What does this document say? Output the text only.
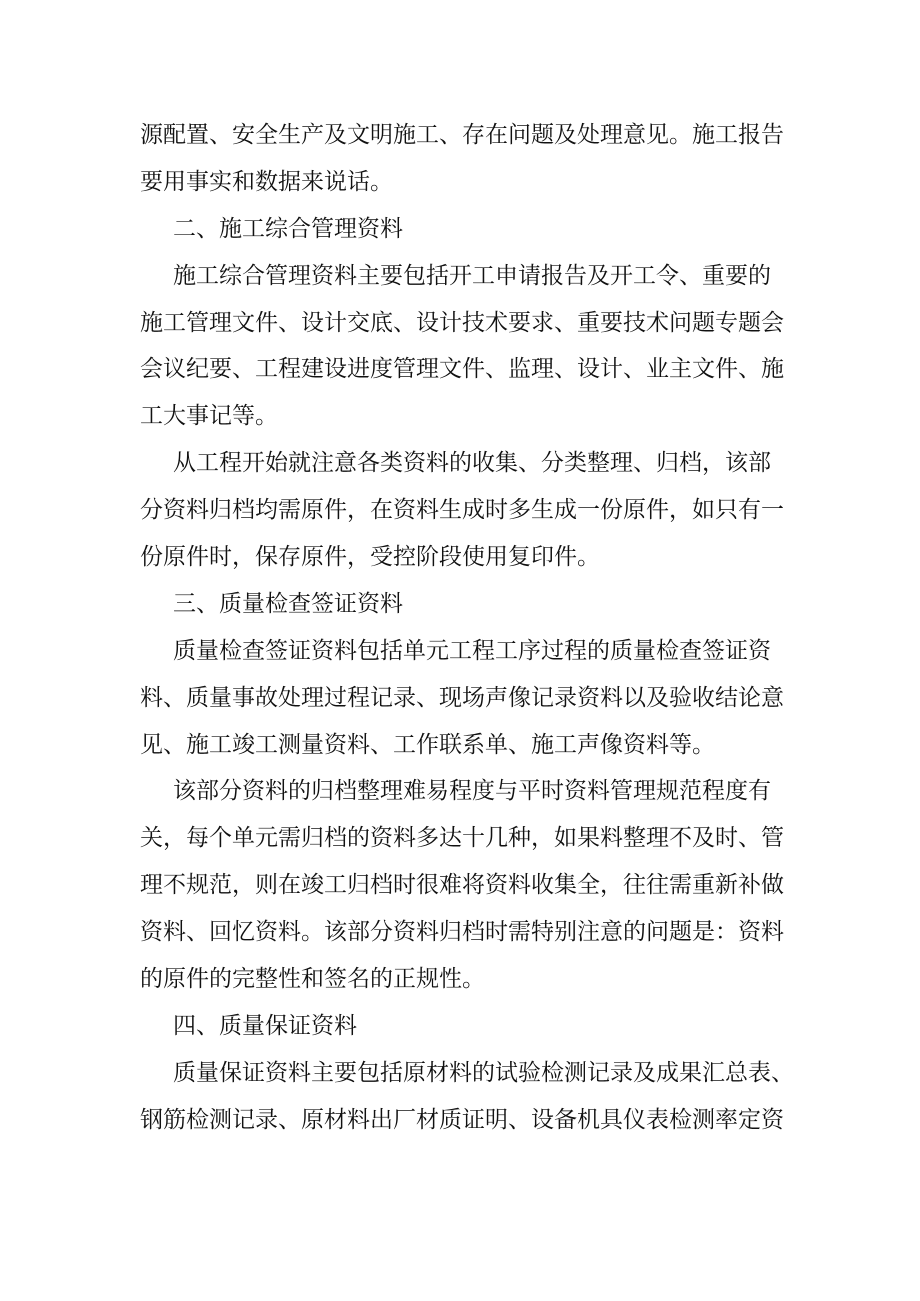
源配置、安全生产及文明施工、存在问题及处理意见。施工报告
要用事实和数据来说话。
二、施工综合管理资料
施工综合管理资料主要包括开工申请报告及开工令、重要的
施工管理文件、设计交底、设计技术要求、重要技术问题专题会
会议纪要、工程建设进度管理文件、监理、设计、业主文件、施
工大事记等。
从工程开始就注意各类资料的收集、分类整理、归档，该部
分资料归档均需原件，在资料生成时多生成一份原件，如只有一
份原件时，保存原件，受控阶段使用复印件。
三、质量检查签证资料
质量检查签证资料包括单元工程工序过程的质量检查签证资
料、质量事故处理过程记录、现场声像记录资料以及验收结论意
见、施工竣工测量资料、工作联系单、施工声像资料等。
该部分资料的归档整理难易程度与平时资料管理规范程度有
关，每个单元需归档的资料多达十几种，如果料整理不及时、管
理不规范，则在竣工归档时很难将资料收集全，往往需重新补做
资料、回忆资料。该部分资料归档时需特别注意的问题是：资料
的原件的完整性和签名的正规性。
四、质量保证资料
质量保证资料主要包括原材料的试验检测记录及成果汇总表、
钢筋检测记录、原材料出厂材质证明、设备机具仪表检测率定资
